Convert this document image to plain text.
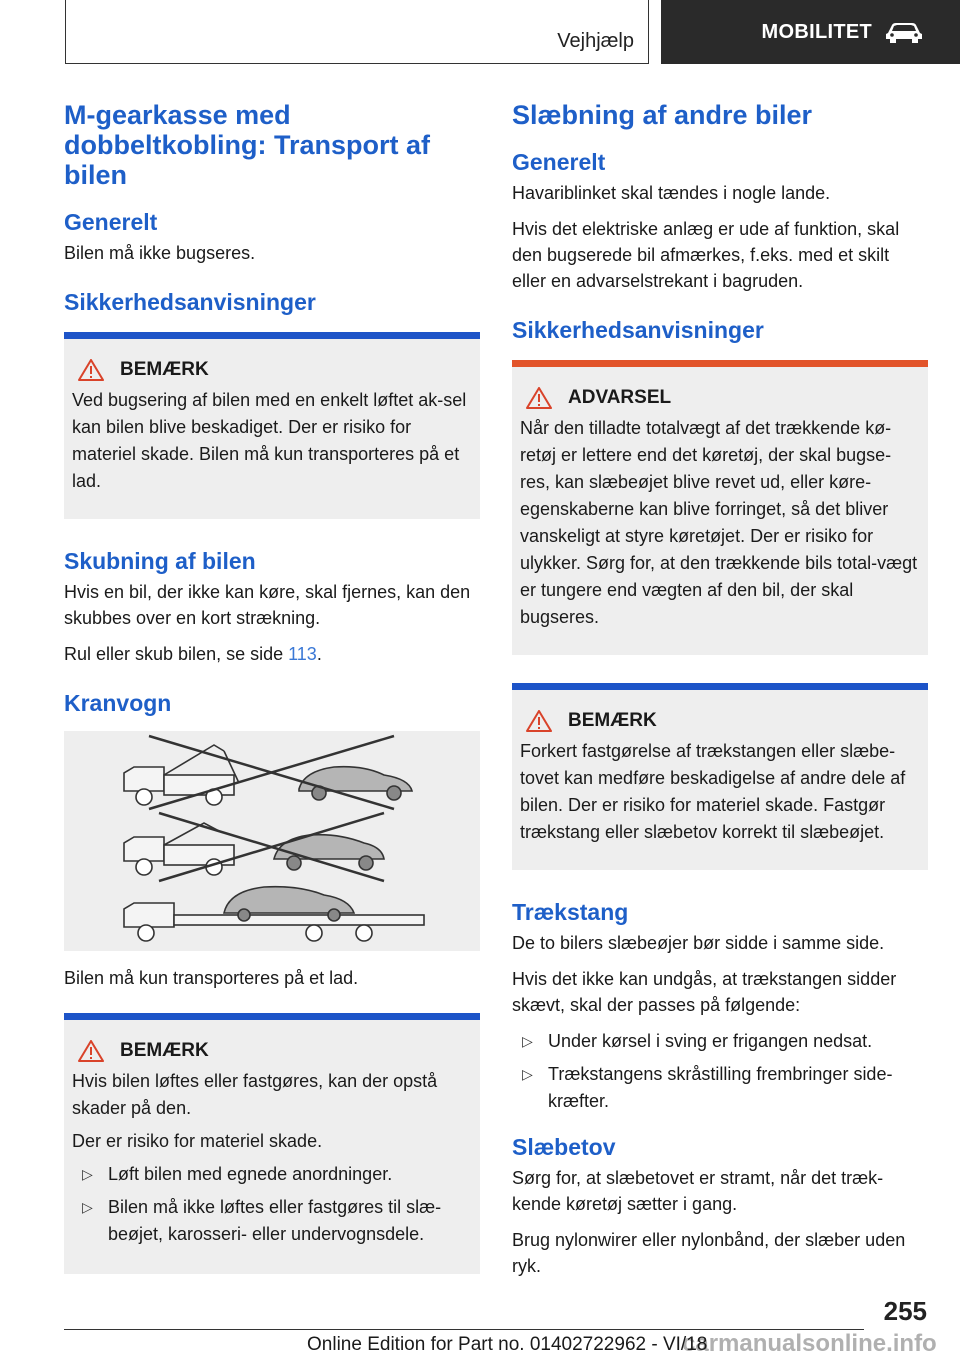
Vejhjælp	MOBILITET
M-gearkasse med dobbeltkobling: Transport af bilen
Generelt

Bilen må ikke bugseres.

Sikkerhedsanvisninger
BEMÆRK

Ved bugsering af bilen med en enkelt løftet ak-sel kan bilen blive beskadiget. Der er risiko for materiel skade. Bilen må kun transporteres på et lad.

Skubning af bilen

Hvis en bil, der ikke kan køre, skal fjernes, kan den skubbes over en kort strækning.

Rul eller skub bilen, se side 113.

Kranvogn

Bilen må kun transporteres på et lad.

BEMÆRK

Hvis bilen løftes eller fastgøres, kan der opstå skader på den.

Der er risiko for materiel skade.

▷ Løft bilen med egnede anordninger.
▷ Bilen må ikke løftes eller fastgøres til slæ-beøjet, karosseri- eller undervognsdele.
Slæbning af andre biler
Generelt

Havariblinket skal tændes i nogle lande.

Hvis det elektriske anlæg er ude af funktion, skal den bugserede bil afmærkes, f.eks. med et skilt eller en advarselstrekant i bagruden.

Sikkerhedsanvisninger
ADVARSEL

Når den tilladte totalvægt af det trækkende kø-retøj er lettere end det køretøj, der skal bugse-res, kan slæbeøjet blive revet ud, eller køre-egenskaberne kan blive forringet, så det bliver vanskeligt at styre køretøjet. Der er risiko for ulykker. Sørg for, at den trækkende bils total-vægt er tungere end vægten af den bil, der skal bugseres.

BEMÆRK

Forkert fastgørelse af trækstangen eller slæbe-tovet kan medføre beskadigelse af andre dele af bilen. Der er risiko for materiel skade. Fastgør trækstang eller slæbetov korrekt til slæbeøjet.

Trækstang

De to bilers slæbeøjer bør sidde i samme side.

Hvis det ikke kan undgås, at trækstangen sidder skævt, skal der passes på følgende:

▷ Under kørsel i sving er frigangen nedsat.
▷ Trækstangens skråstilling frembringer side-kræfter.
Slæbetov

Sørg for, at slæbetovet er stramt, når det træk-kende køretøj sætter i gang.

Brug nylonwirer eller nylonbånd, der slæber uden ryk.

255
carmanualsonline.info
Online Edition for Part no. 01402722962 - VI/18
